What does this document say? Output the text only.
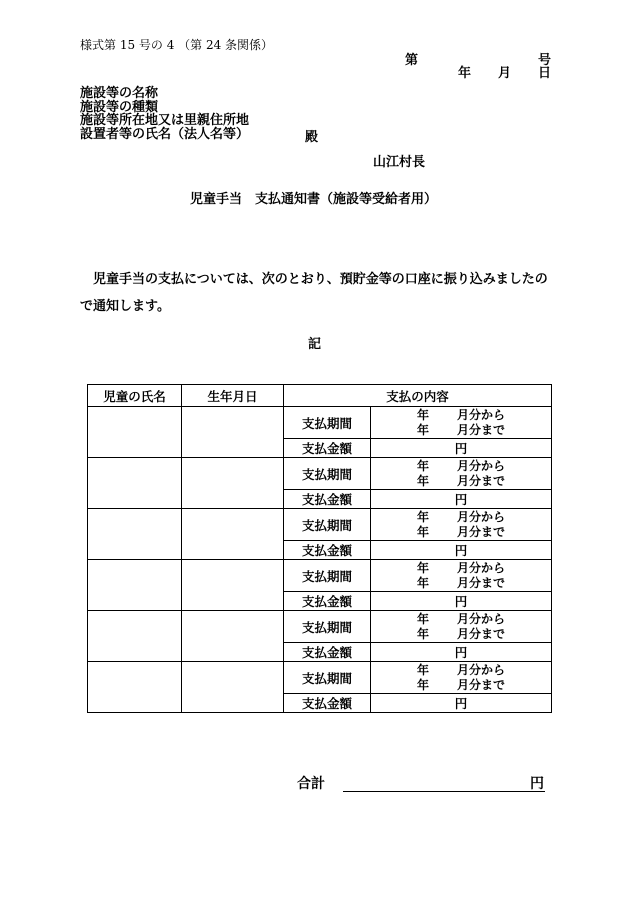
様式第 15 号の 4 （第 24 条関係）
第	号
年 月 日
施設等の名称
施設等の種類
施設等所在地又は里親住所地
設置者等の氏名（法人名等）	殿
山江村長
児童手当　支払通知書（施設等受給者用）
児童手当の支払については、次のとおり、預貯金等の口座に振り込みましたので通知します。
記
児童の氏名	生年月日	支払の内容	
		支払期間	年 月分から
年 月分まで

		支払金額	円
		支払期間	年 月分から
年 月分まで

		支払金額	円
		支払期間	年 月分から
年 月分まで

		支払金額	円
		支払期間	年 月分から
年 月分まで

		支払金額	円
		支払期間	年 月分から
年 月分まで

		支払金額	円
		支払期間	年 月分から
年 月分まで

		支払金額	円
合計	円
